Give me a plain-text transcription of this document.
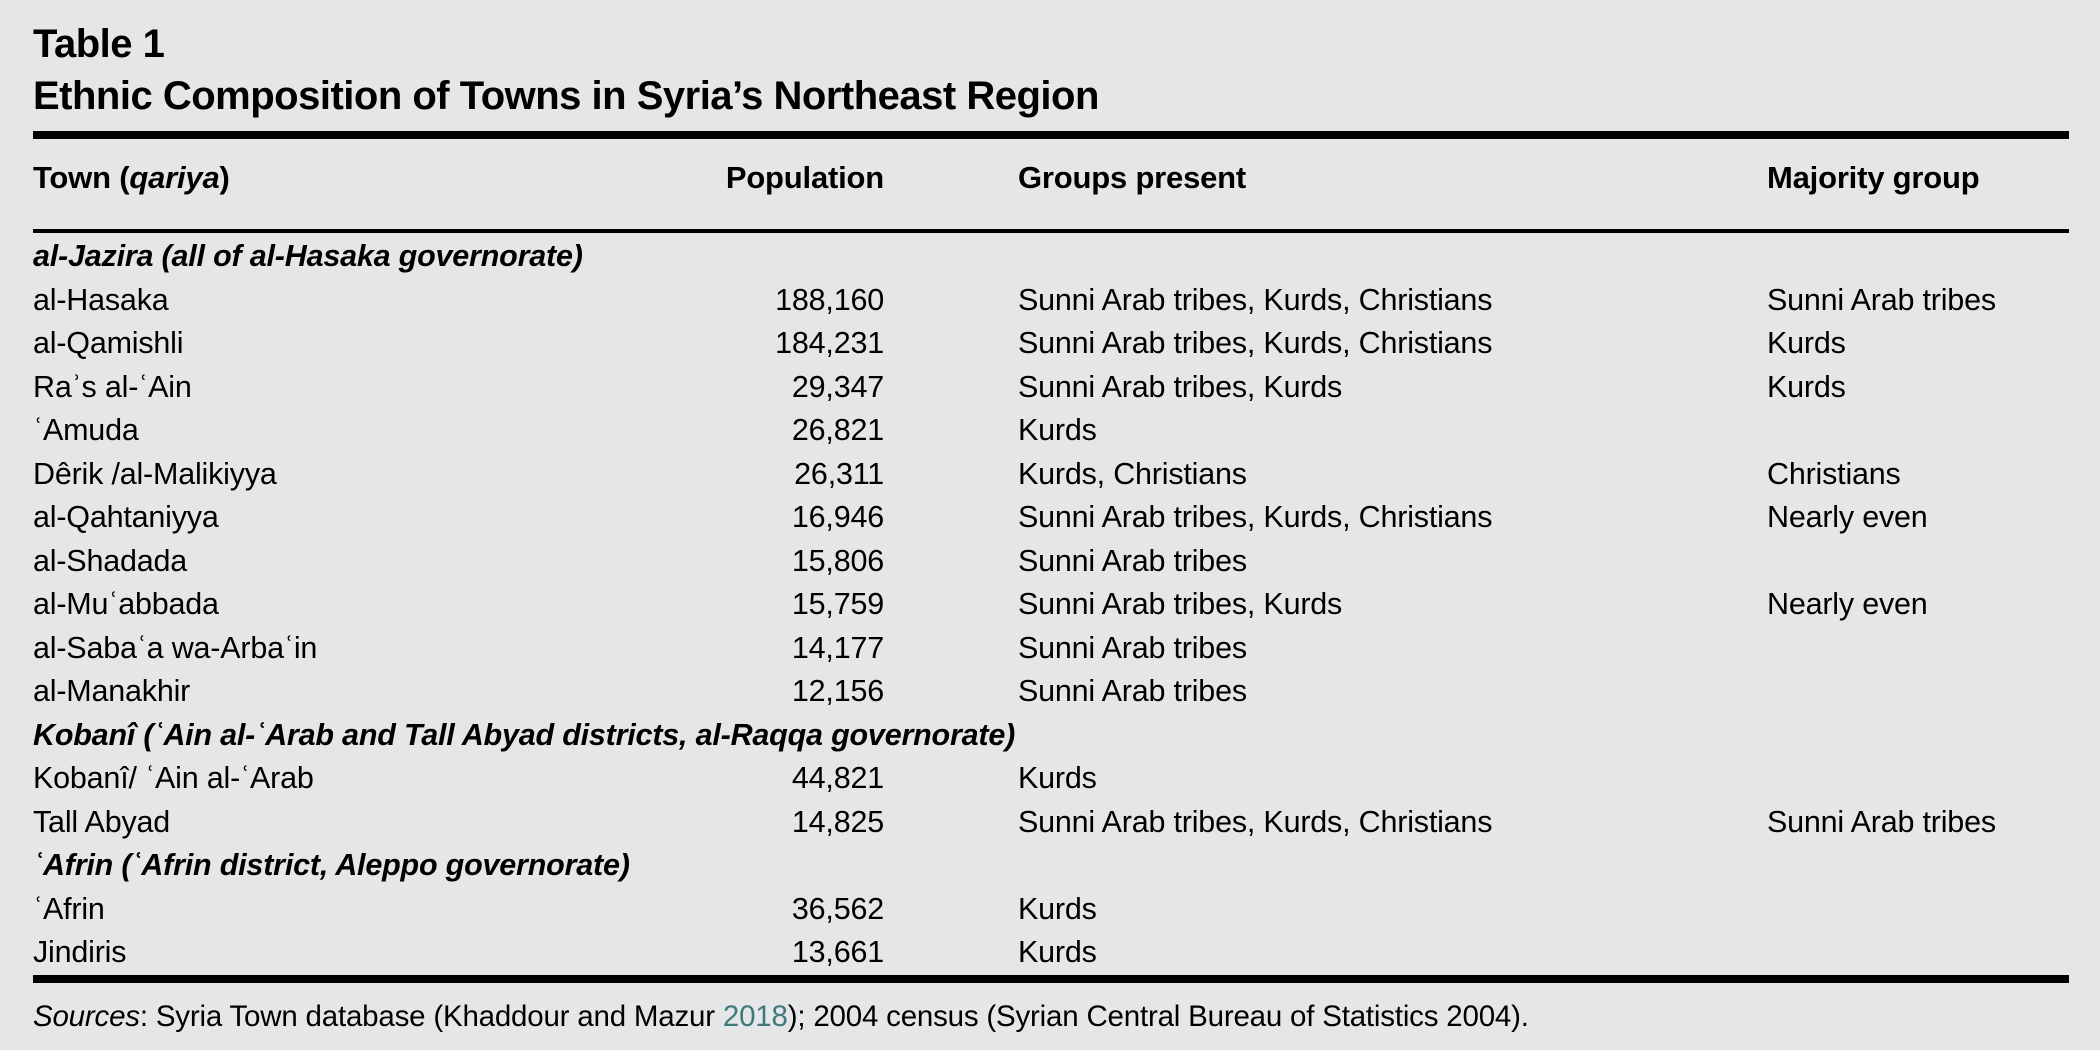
Table 1
Ethnic Composition of Towns in Syria’s Northeast Region
Town (qariya)	Population	Groups present	Majority group
al-Jazira (all of al-Hasaka governorate)
al-Hasaka	188,160	Sunni Arab tribes, Kurds, Christians	Sunni Arab tribes
al-Qamishli	184,231	Sunni Arab tribes, Kurds, Christians	Kurds
Raʾs al-ʿAin	29,347	Sunni Arab tribes, Kurds	Kurds
ʿAmuda	26,821	Kurds
Dêrik /al-Malikiyya	26,311	Kurds, Christians	Christians
al-Qahtaniyya	16,946	Sunni Arab tribes, Kurds, Christians	Nearly even
al-Shadada	15,806	Sunni Arab tribes
al-Muʿabbada	15,759	Sunni Arab tribes, Kurds	Nearly even
al-Sabaʿa wa-Arbaʿin	14,177	Sunni Arab tribes
al-Manakhir	12,156	Sunni Arab tribes
Kobanî (ʿAin al-ʿArab and Tall Abyad districts, al-Raqqa governorate)
Kobanî/ ʿAin al-ʿArab	44,821	Kurds
Tall Abyad	14,825	Sunni Arab tribes, Kurds, Christians	Sunni Arab tribes
ʿAfrin (ʿAfrin district, Aleppo governorate)
ʿAfrin	36,562	Kurds
Jindiris	13,661	Kurds

Sources: Syria Town database (Khaddour and Mazur 2018); 2004 census (Syrian Central Bureau of Statistics 2004).
